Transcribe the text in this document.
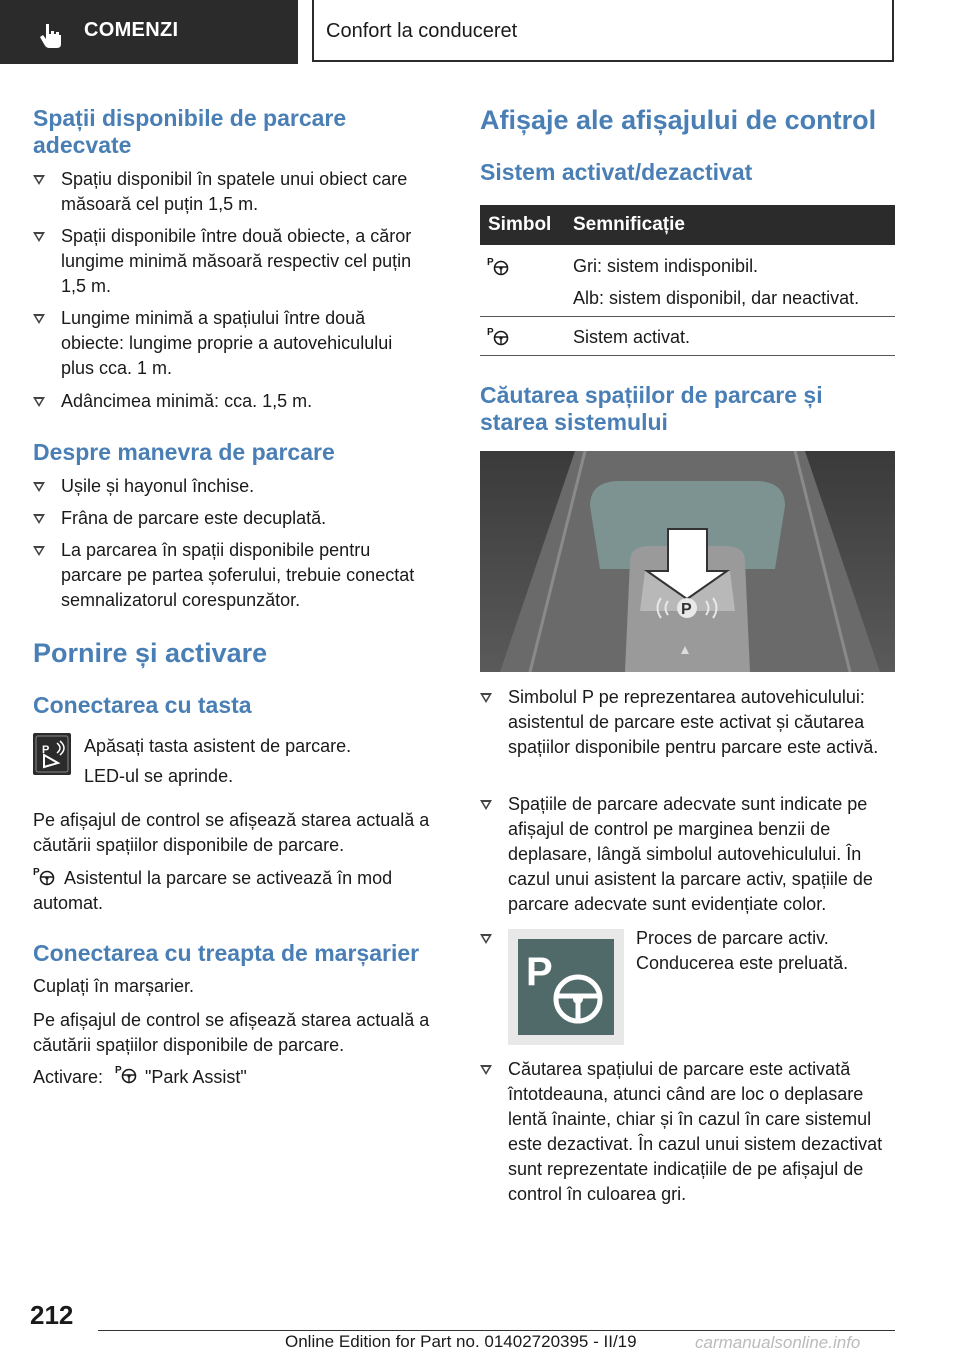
COMENZI	Confort la conduceret
Spații disponibile de parcare adecvate
Spațiu disponibil în spatele unui obiect care măsoară cel puțin 1,5 m.
Spații disponibile între două obiecte, a căror lungime minimă măsoară respectiv cel puțin 1,5 m.
Lungime minimă a spațiului între două obiecte: lungime proprie a autovehiculului plus cca. 1 m.
Adâncimea minimă: cca. 1,5 m.
Despre manevra de parcare
Ușile și hayonul închise.
Frâna de parcare este decuplată.
La parcarea în spații disponibile pentru parcare pe partea șoferului, trebuie conectat semnalizatorul corespunzător.
Pornire și activare
Conectarea cu tasta
P Apăsați tasta asistent de parcare.

LED-ul se aprinde.

Pe afișajul de control se afișează starea actuală a căutării spațiilor disponibile de parcare.

P	Asistentul la parcare se activează în mod automat.

Conectarea cu treapta de marșarier

Cuplați în marșarier.

Pe afișajul de control se afișează starea actuală a căutării spațiilor disponibile de parcare.

Activare: P "Park Assist"
Afișaje ale afișajului de control
Sistem activat/dezactivat
Simbol Semnificație
P	Gri: sistem indisponibil.

Alb: sistem disponibil, dar neactivat.

P	Sistem activat.

Căutarea spațiilor de parcare și starea sistemului
P
Simbolul P pe reprezentarea autovehiculului: asistentul de parcare este activat și căutarea spațiilor disponibile pentru parcare este activă.
Spațiile de parcare adecvate sunt indicate pe afișajul de control pe marginea benzii de deplasare, lângă simbolul autovehiculului. În cazul unui asistent la parcare activ, spațiile de parcare adecvate sunt evidențiate color.
P

Proces de parcare activ. Conducerea este preluată.

Căutarea spațiului de parcare este activată întotdeauna, atunci când are loc o deplasare lentă înainte, chiar și în cazul în care sistemul este dezactivat. În cazul unui sistem dezactivat sunt reprezentate indicațiile de pe afișajul de control în culoarea gri.
212
Online Edition for Part no. 01402720395 - II/19	carmanualsonline.info
